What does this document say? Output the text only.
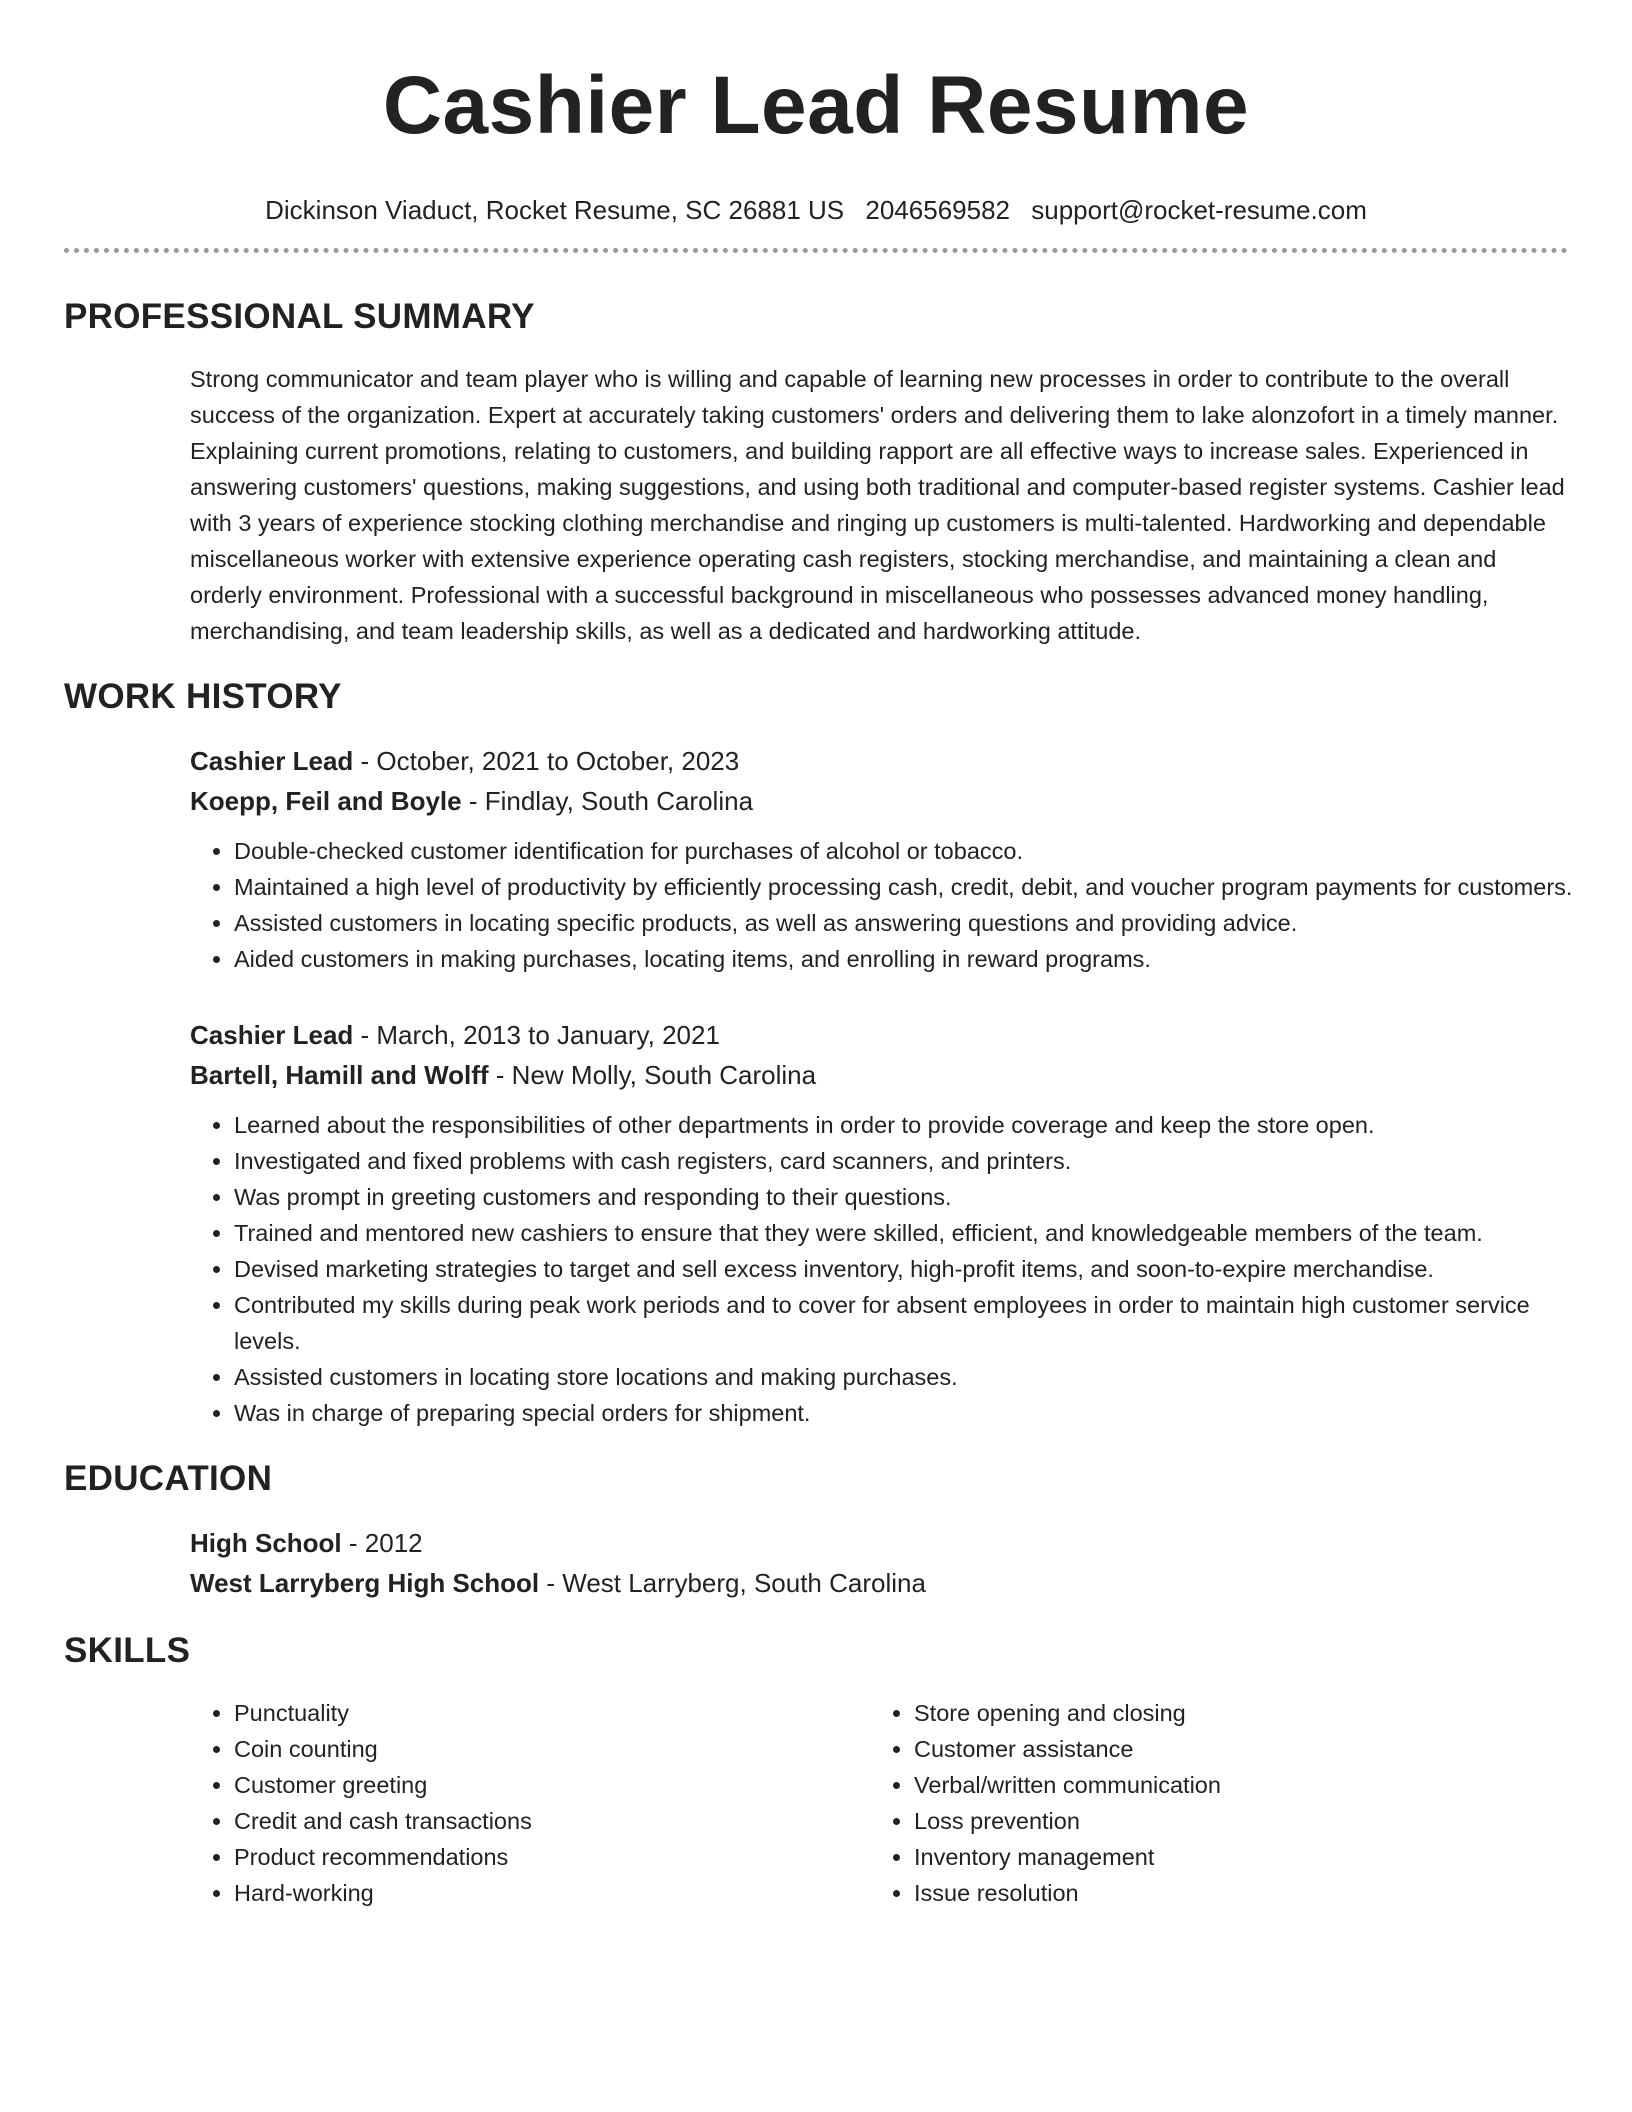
Cashier Lead Resume
Dickinson Viaduct, Rocket Resume, SC 26881 US 2046569582 support@rocket-resume.com
PROFESSIONAL SUMMARY

Strong communicator and team player who is willing and capable of learning new processes in order to contribute to the overall success of the organization. Expert at accurately taking customers' orders and delivering them to lake alonzofort in a timely manner. Explaining current promotions, relating to customers, and building rapport are all effective ways to increase sales. Experienced in answering customers' questions, making suggestions, and using both traditional and computer-based register systems. Cashier lead with 3 years of experience stocking clothing merchandise and ringing up customers is multi-talented. Hardworking and dependable miscellaneous worker with extensive experience operating cash registers, stocking merchandise, and maintaining a clean and orderly environment. Professional with a successful background in miscellaneous who possesses advanced money handling, merchandising, and team leadership skills, as well as a dedicated and hardworking attitude.

WORK HISTORY
Cashier Lead - October, 2021 to October, 2023
Koepp, Feil and Boyle - Findlay, South Carolina
• Double-checked customer identification for purchases of alcohol or tobacco.
• Maintained a high level of productivity by efficiently processing cash, credit, debit, and voucher program payments for customers.
• Assisted customers in locating specific products, as well as answering questions and providing advice.
• Aided customers in making purchases, locating items, and enrolling in reward programs.
Cashier Lead - March, 2013 to January, 2021
Bartell, Hamill and Wolff - New Molly, South Carolina
• Learned about the responsibilities of other departments in order to provide coverage and keep the store open.
• Investigated and fixed problems with cash registers, card scanners, and printers.
• Was prompt in greeting customers and responding to their questions.
• Trained and mentored new cashiers to ensure that they were skilled, efficient, and knowledgeable members of the team.
• Devised marketing strategies to target and sell excess inventory, high-profit items, and soon-to-expire merchandise.
• Contributed my skills during peak work periods and to cover for absent employees in order to maintain high customer service levels.
• Assisted customers in locating store locations and making purchases.
• Was in charge of preparing special orders for shipment.
EDUCATION
High School - 2012
West Larryberg High School - West Larryberg, South Carolina
SKILLS
• Punctuality
• Coin counting
• Customer greeting
• Credit and cash transactions
• Product recommendations
• Hard-working
• Store opening and closing
• Customer assistance
• Verbal/written communication
• Loss prevention
• Inventory management
• Issue resolution
